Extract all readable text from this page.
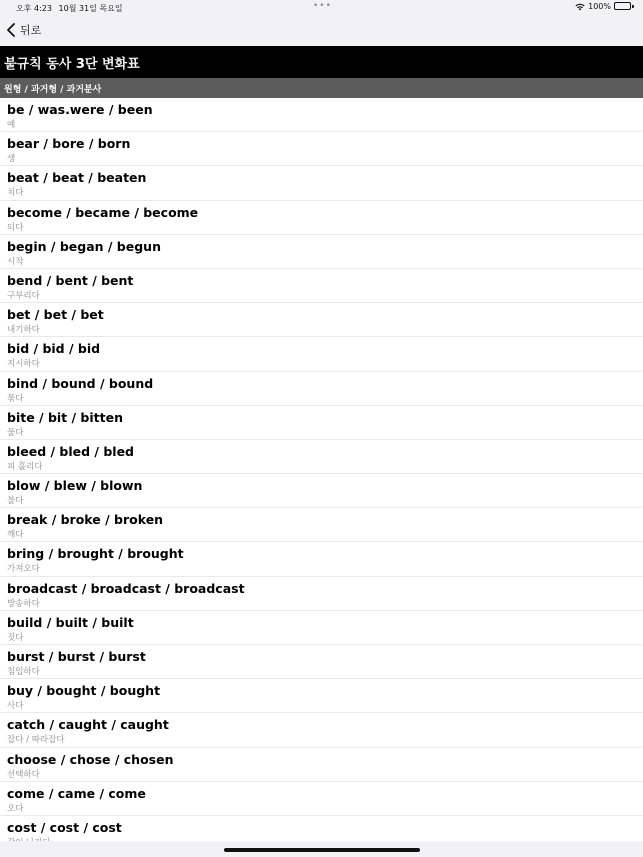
오후 4:23 10월 31일 목요일	•••	100%
뒤로
불규칙 동사 3단 변화표
원형 / 과거형 / 과거분사
be / was.were / been
예
bear / bore / born
생
beat / beat / beaten
치다
become / became / become
되다
begin / began / begun
시작
bend / bent / bent
구부리다
bet / bet / bet
내기하다
bid / bid / bid
지시하다
bind / bound / bound
묶다
bite / bit / bitten
물다
bleed / bled / bled
피 흘리다
blow / blew / blown
불다
break / broke / broken
깨다
bring / brought / brought
가져오다
broadcast / broadcast / broadcast
방송하다
build / built / built
짓다
burst / burst / burst
침입하다
buy / bought / bought
사다
catch / caught / caught
잡다 / 따라잡다
choose / chose / chosen
선택하다
come / came / come
오다
cost / cost / cost
